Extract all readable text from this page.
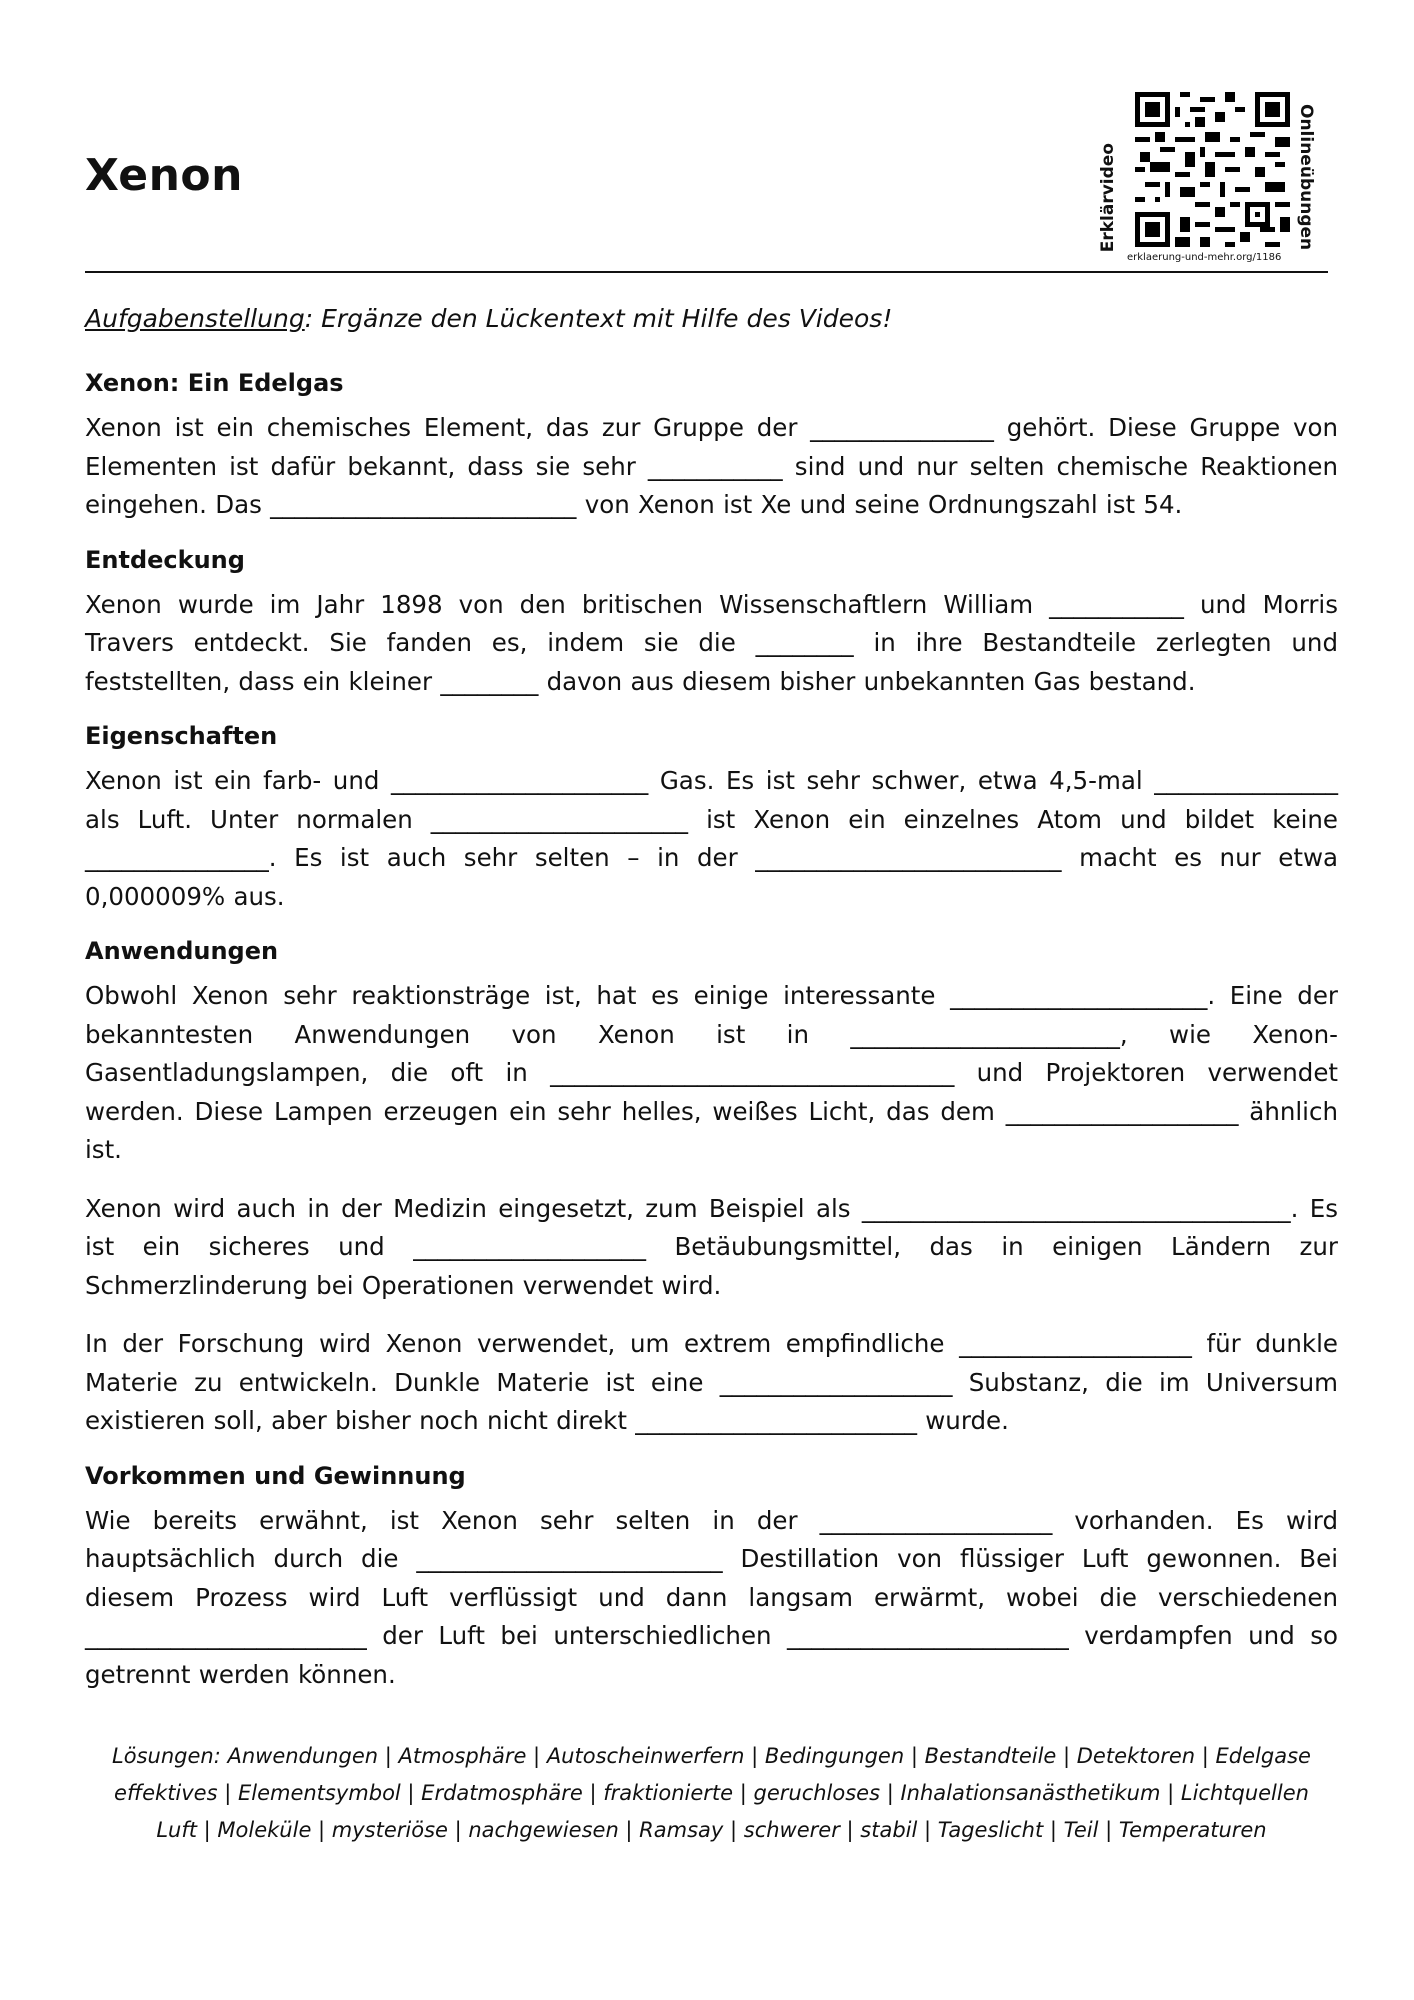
Xenon	Erklärvideo	Onlineübungen
erklaerung-und-mehr.org/1186

Aufgabenstellung: Ergänze den Lückentext mit Hilfe des Videos!

Xenon: Ein Edelgas

Xenon ist ein chemisches Element, das zur Gruppe der _______________ gehört. Diese Gruppe von Elementen ist dafür bekannt, dass sie sehr ___________ sind und nur selten chemische Reaktionen eingehen. Das _________________________ von Xenon ist Xe und seine Ordnungszahl ist 54.

Entdeckung

Xenon wurde im Jahr 1898 von den britischen Wissenschaftlern William ___________ und Morris Travers entdeckt. Sie fanden es, indem sie die ________ in ihre Bestandteile zerlegten und feststellten, dass ein kleiner ________ davon aus diesem bisher unbekannten Gas bestand.

Eigenschaften

Xenon ist ein farb- und _____________________ Gas. Es ist sehr schwer, etwa 4,5-mal _______________ als Luft. Unter normalen _____________________ ist Xenon ein einzelnes Atom und bildet keine _______________. Es ist auch sehr selten – in der _________________________ macht es nur etwa 0,000009% aus.

Anwendungen

Obwohl Xenon sehr reaktionsträge ist, hat es einige interessante _____________________. Eine der bekanntesten Anwendungen von Xenon ist in ______________________, wie Xenon-Gasentladungslampen, die oft in _________________________________ und Projektoren verwendet werden. Diese Lampen erzeugen ein sehr helles, weißes Licht, das dem ___________________ ähnlich ist.

Xenon wird auch in der Medizin eingesetzt, zum Beispiel als ___________________________________. Es ist ein sicheres und ___________________ Betäubungsmittel, das in einigen Ländern zur Schmerzlinderung bei Operationen verwendet wird.

In der Forschung wird Xenon verwendet, um extrem empfindliche ___________________ für dunkle Materie zu entwickeln. Dunkle Materie ist eine ___________________ Substanz, die im Universum existieren soll, aber bisher noch nicht direkt _______________________ wurde.

Vorkommen und Gewinnung

Wie bereits erwähnt, ist Xenon sehr selten in der ___________________ vorhanden. Es wird hauptsächlich durch die _________________________ Destillation von flüssiger Luft gewonnen. Bei diesem Prozess wird Luft verflüssigt und dann langsam erwärmt, wobei die verschiedenen _______________________ der Luft bei unterschiedlichen _______________________ verdampfen und so getrennt werden können.

Lösungen: Anwendungen | Atmosphäre | Autoscheinwerfern | Bedingungen | Bestandteile | Detektoren | Edelgase
effektives | Elementsymbol | Erdatmosphäre | fraktionierte | geruchloses | Inhalationsanästhetikum | Lichtquellen
Luft | Moleküle | mysteriöse | nachgewiesen | Ramsay | schwerer | stabil | Tageslicht | Teil | Temperaturen
